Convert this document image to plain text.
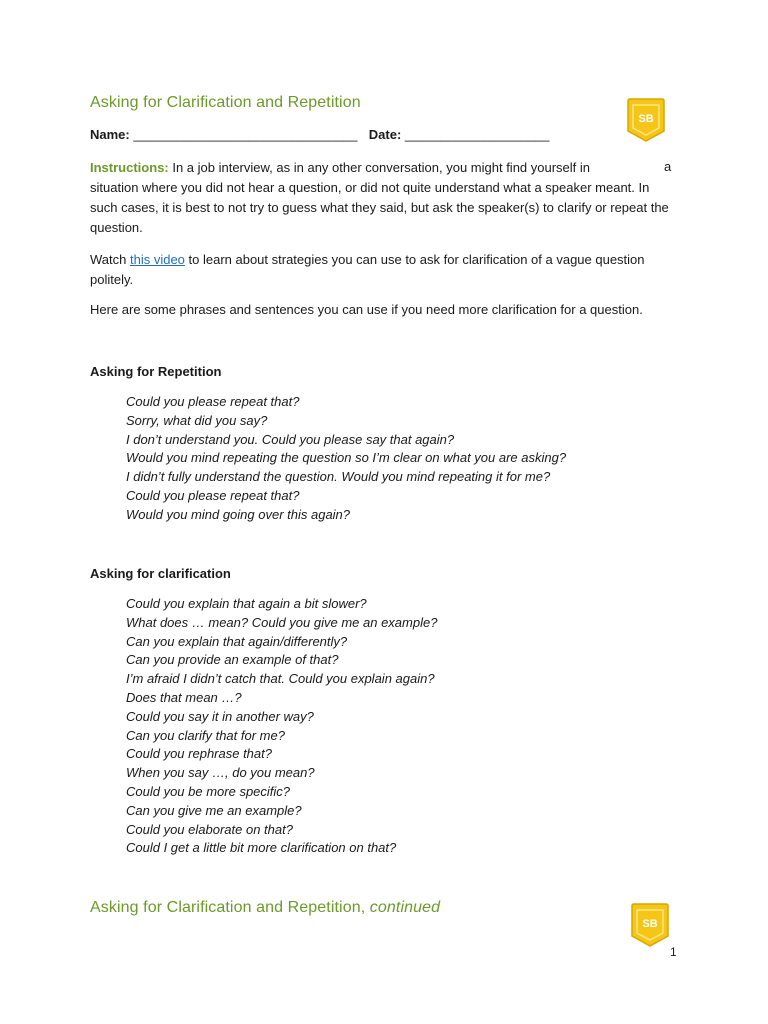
Asking for Clarification and Repetition
SB
Name: _______________________________ Date: ____________________
Instructions: In a job interview, as in any other conversation, you might find yourself in
situation where you did not hear a question, or did not quite understand what a speaker meant. In such cases, it is best to not try to guess what they said, but ask the speaker(s) to clarify or repeat the question.
a
Watch this video to learn about strategies you can use to ask for clarification of a vague question politely.
Here are some phrases and sentences you can use if you need more clarification for a question.
Asking for Repetition
Could you please repeat that?
Sorry, what did you say?
I don’t understand you. Could you please say that again?
Would you mind repeating the question so I’m clear on what you are asking?
I didn’t fully understand the question. Would you mind repeating it for me?
Could you please repeat that?
Would you mind going over this again?
Asking for clarification
Could you explain that again a bit slower?
What does … mean? Could you give me an example?
Can you explain that again/differently?
Can you provide an example of that?
I’m afraid I didn’t catch that. Could you explain again?
Does that mean …?
Could you say it in another way?
Can you clarify that for me?
Could you rephrase that?
When you say …, do you mean?
Could you be more specific?
Can you give me an example?
Could you elaborate on that?
Could I get a little bit more clarification on that?
Asking for Clarification and Repetition, continued
SB
1
